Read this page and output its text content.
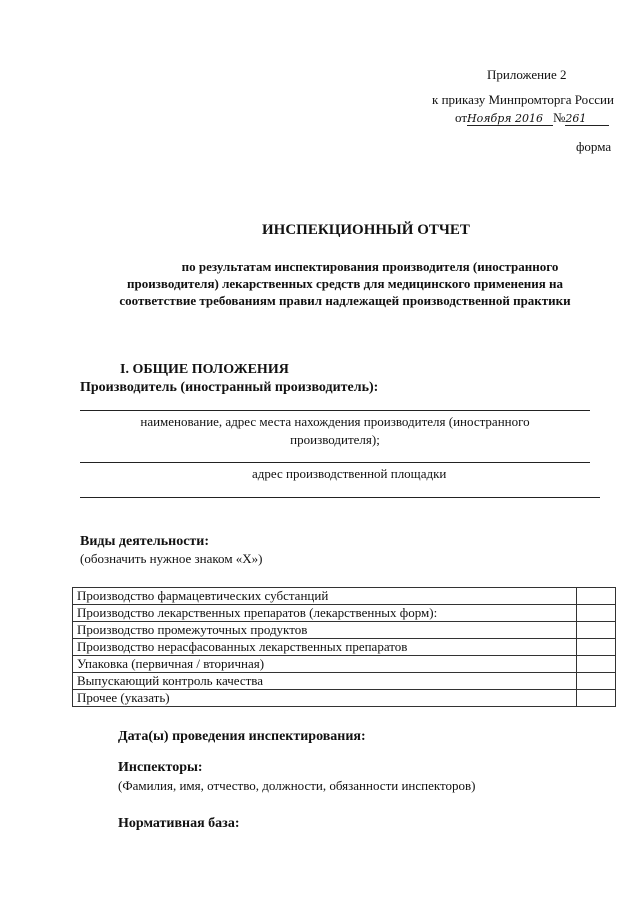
Приложение 2
к приказу Минпромторга России
отНоября 2016 №261
форма
ИНСПЕКЦИОННЫЙ ОТЧЕТ
по результатам инспектирования производителя (иностранного
производителя) лекарственных средств для медицинского применения на
соответствие требованиям правил надлежащей производственной практики
I. ОБЩИЕ ПОЛОЖЕНИЯ
Производитель (иностранный производитель):
наименование, адрес места нахождения производителя (иностранного
производителя);
адрес производственной площадки
Виды деятельности:
(обозначить нужное знаком «Х»)
Производство фармацевтических субстанций	
Производство лекарственных препаратов (лекарственных форм):	
Производство промежуточных продуктов	
Производство нерасфасованных лекарственных препаратов	
Упаковка (первичная / вторичная)	
Выпускающий контроль качества	
Прочее (указать)	
Дата(ы) проведения инспектирования:
Инспекторы:
(Фамилия, имя, отчество, должности, обязанности инспекторов)
Нормативная база:
